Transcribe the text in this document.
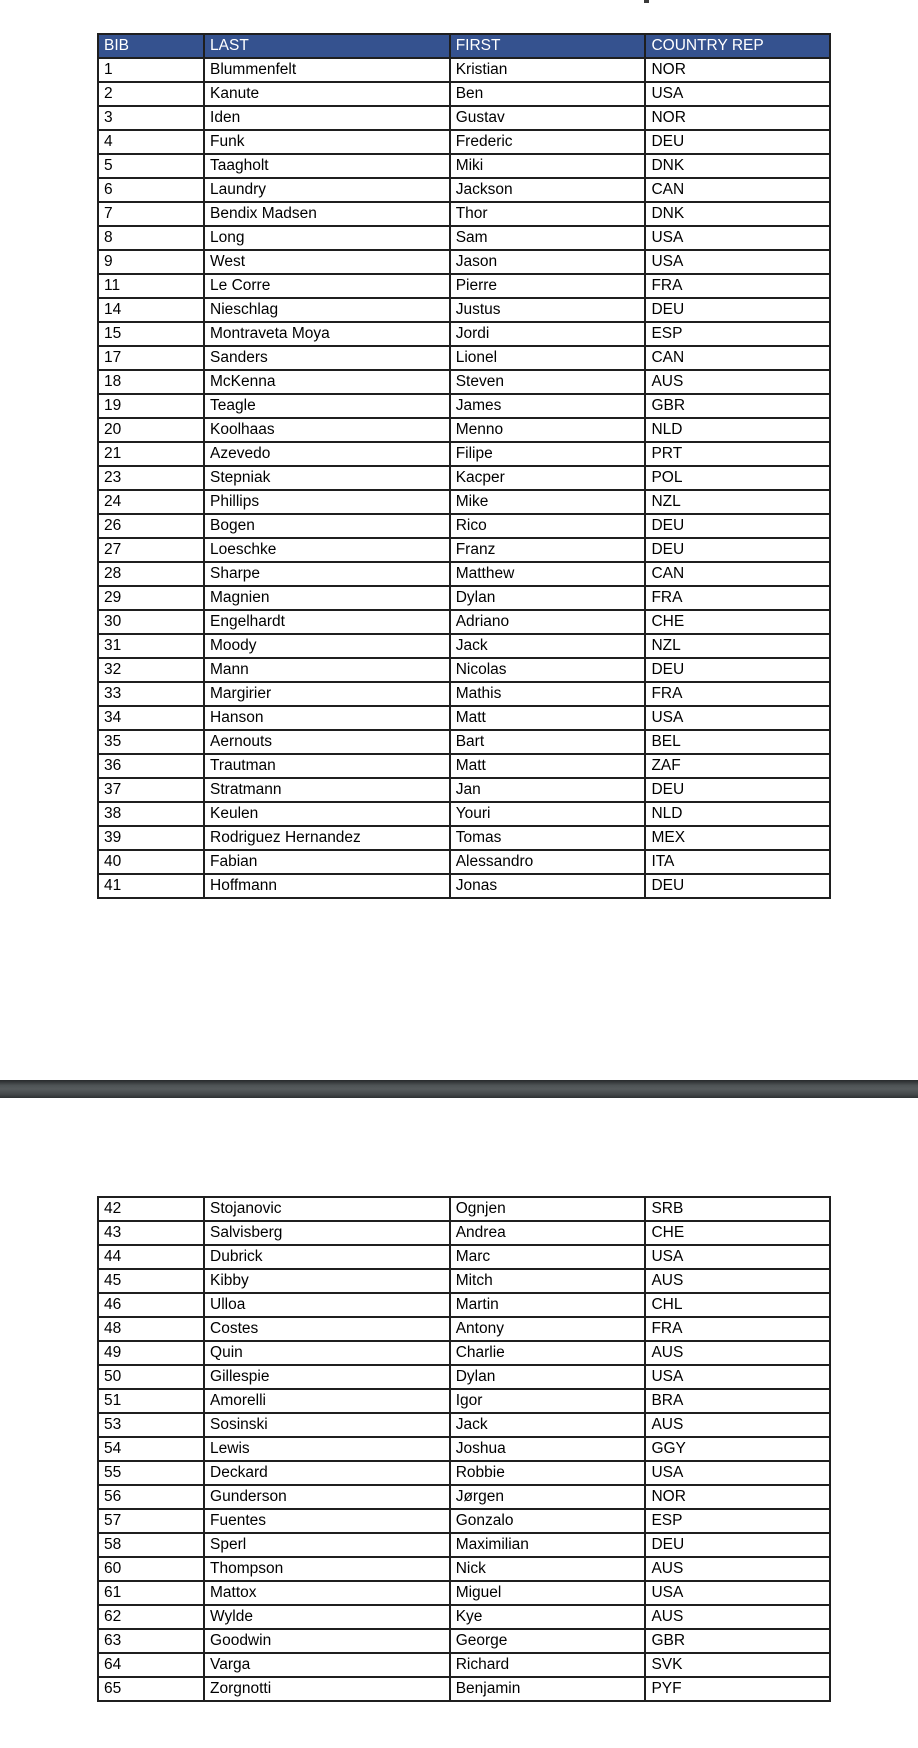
BIB	LAST	FIRST	COUNTRY REP
1	Blummenfelt	Kristian	NOR
2	Kanute	Ben	USA
3	Iden	Gustav	NOR
4	Funk	Frederic	DEU
5	Taagholt	Miki	DNK
6	Laundry	Jackson	CAN
7	Bendix Madsen	Thor	DNK
8	Long	Sam	USA
9	West	Jason	USA
11	Le Corre	Pierre	FRA
14	Nieschlag	Justus	DEU
15	Montraveta Moya	Jordi	ESP
17	Sanders	Lionel	CAN
18	McKenna	Steven	AUS
19	Teagle	James	GBR
20	Koolhaas	Menno	NLD
21	Azevedo	Filipe	PRT
23	Stepniak	Kacper	POL
24	Phillips	Mike	NZL
26	Bogen	Rico	DEU
27	Loeschke	Franz	DEU
28	Sharpe	Matthew	CAN
29	Magnien	Dylan	FRA
30	Engelhardt	Adriano	CHE
31	Moody	Jack	NZL
32	Mann	Nicolas	DEU
33	Margirier	Mathis	FRA
34	Hanson	Matt	USA
35	Aernouts	Bart	BEL
36	Trautman	Matt	ZAF
37	Stratmann	Jan	DEU
38	Keulen	Youri	NLD
39	Rodriguez Hernandez	Tomas	MEX
40	Fabian	Alessandro	ITA
41	Hoffmann	Jonas	DEU
42	Stojanovic	Ognjen	SRB
43	Salvisberg	Andrea	CHE
44	Dubrick	Marc	USA
45	Kibby	Mitch	AUS
46	Ulloa	Martin	CHL
48	Costes	Antony	FRA
49	Quin	Charlie	AUS
50	Gillespie	Dylan	USA
51	Amorelli	Igor	BRA
53	Sosinski	Jack	AUS
54	Lewis	Joshua	GGY
55	Deckard	Robbie	USA
56	Gunderson	Jørgen	NOR
57	Fuentes	Gonzalo	ESP
58	Sperl	Maximilian	DEU
60	Thompson	Nick	AUS
61	Mattox	Miguel	USA
62	Wylde	Kye	AUS
63	Goodwin	George	GBR
64	Varga	Richard	SVK
65	Zorgnotti	Benjamin	PYF
